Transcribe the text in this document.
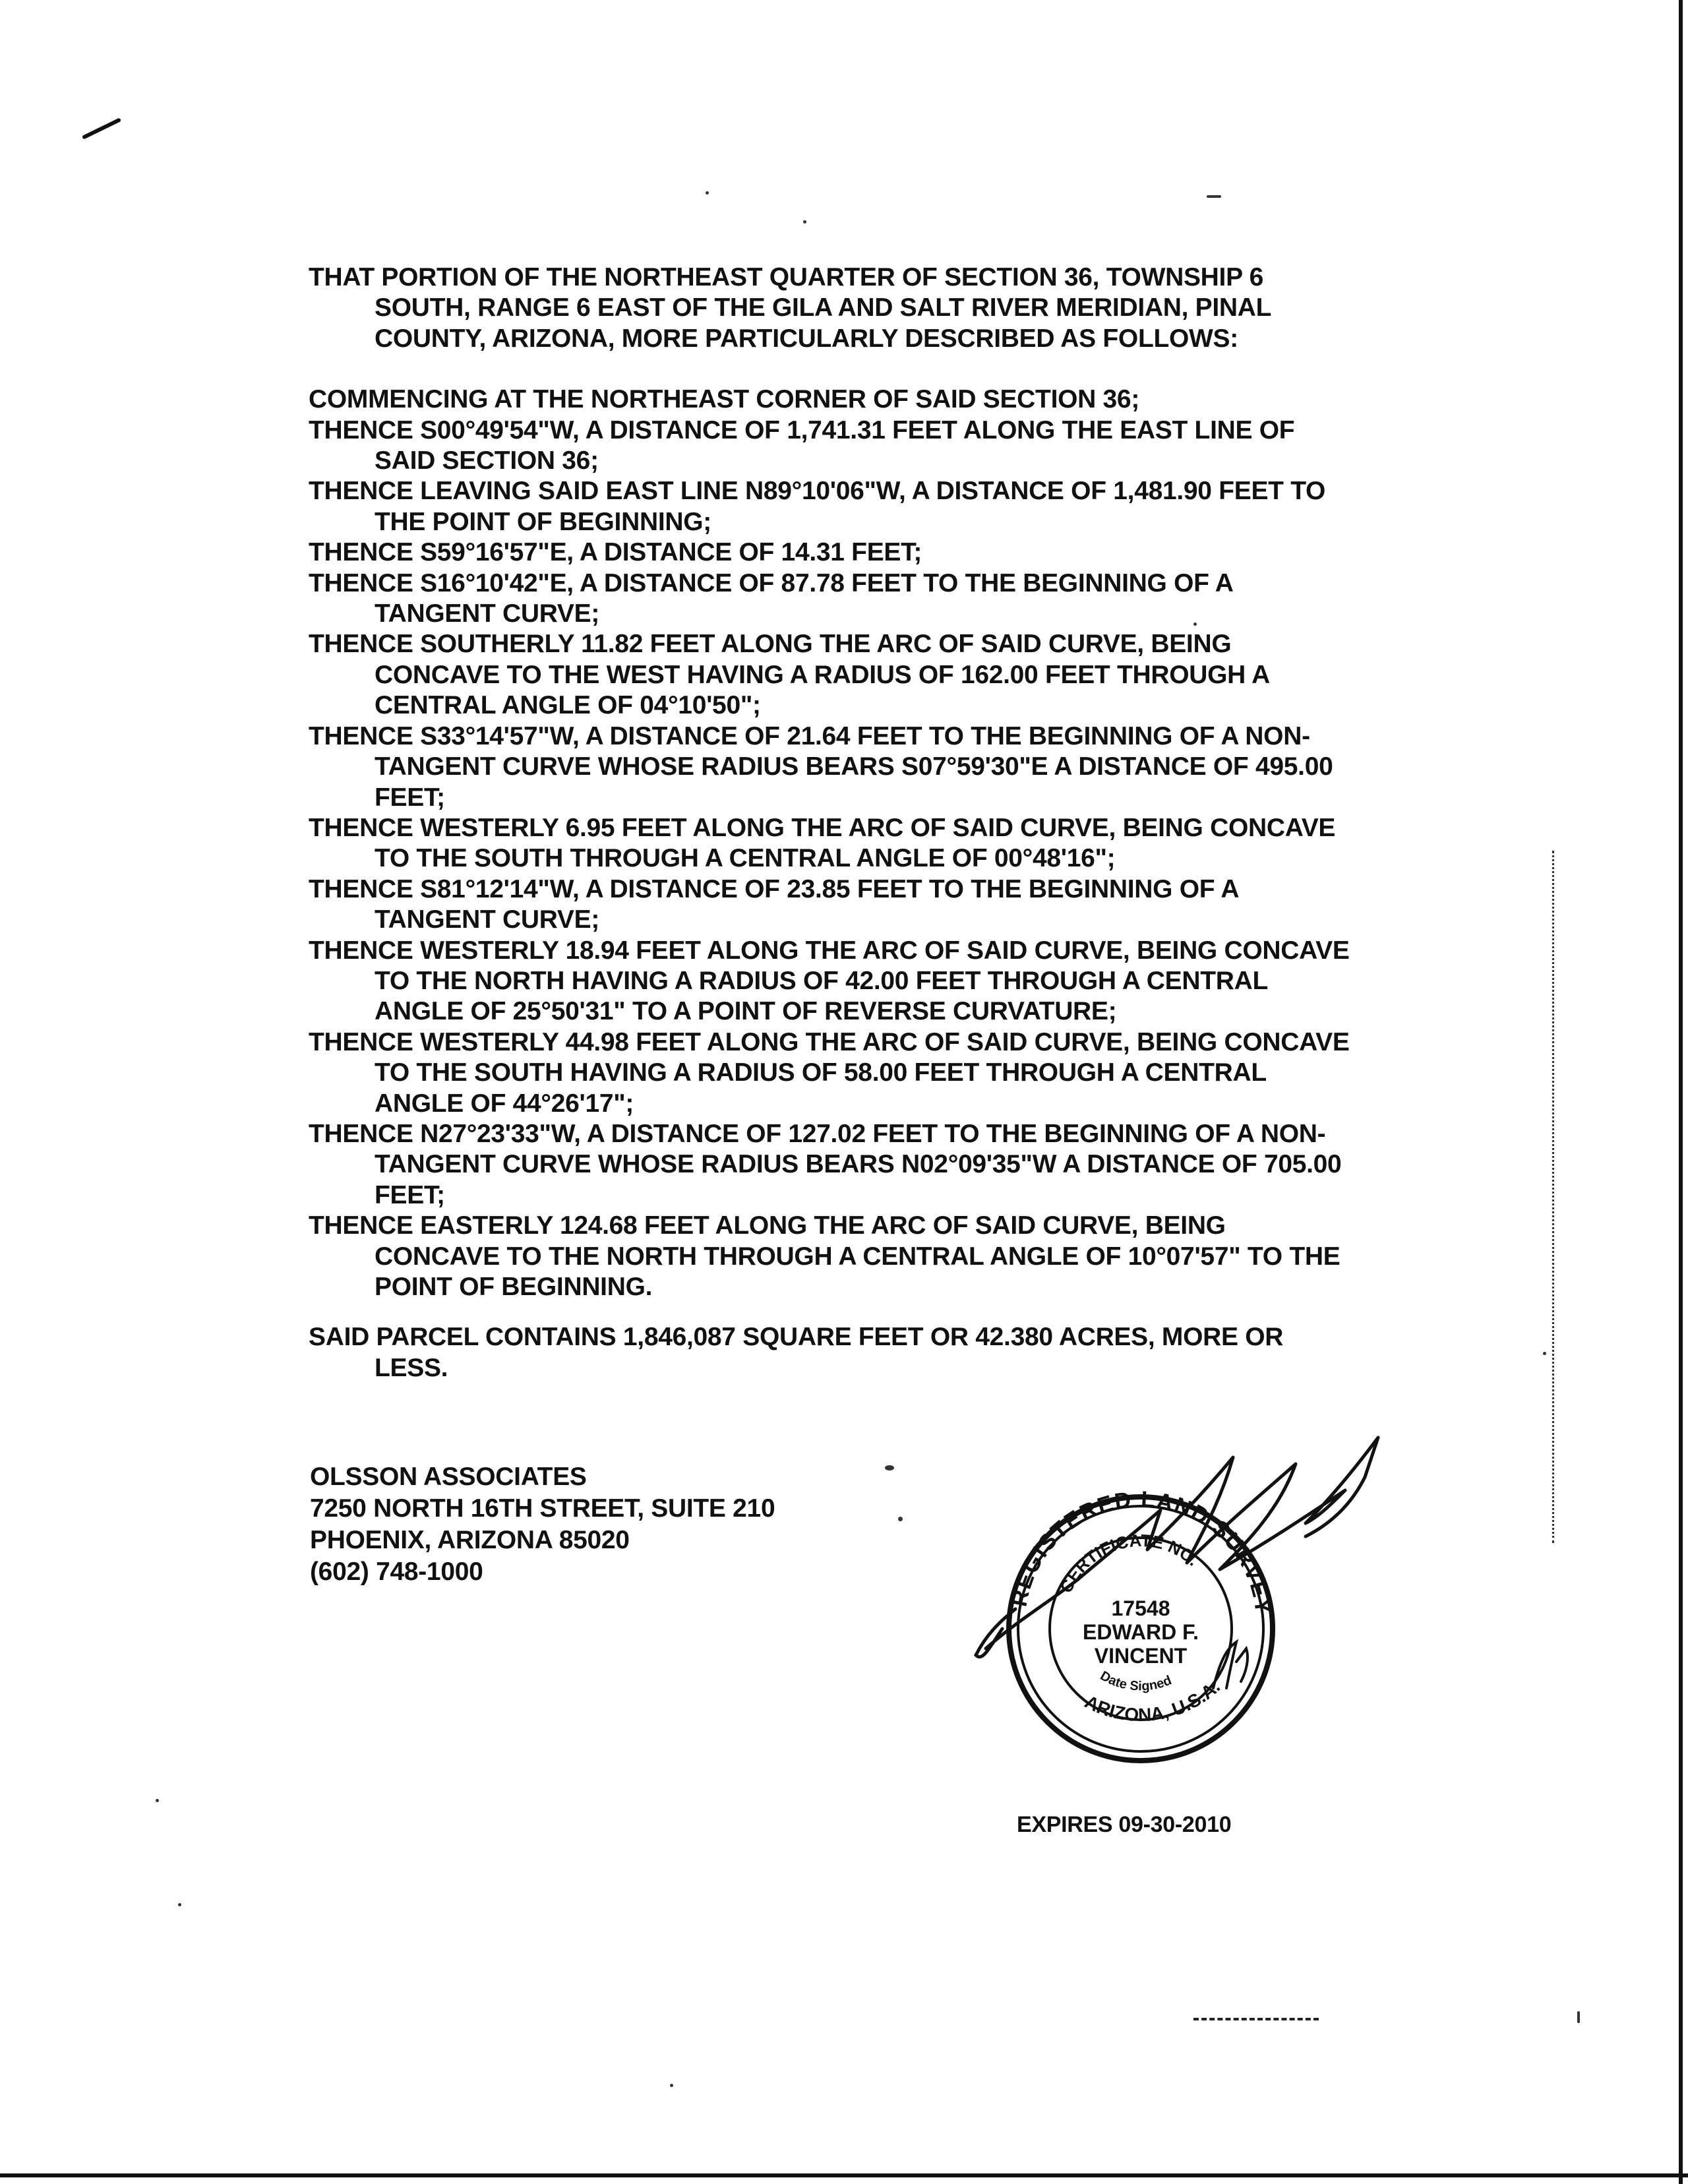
THAT PORTION OF THE NORTHEAST QUARTER OF SECTION 36, TOWNSHIP 6 SOUTH, RANGE 6 EAST OF THE GILA AND SALT RIVER MERIDIAN, PINAL COUNTY, ARIZONA, MORE PARTICULARLY DESCRIBED AS FOLLOWS:

COMMENCING AT THE NORTHEAST CORNER OF SAID SECTION 36;

THENCE S00°49'54"W, A DISTANCE OF 1,741.31 FEET ALONG THE EAST LINE OF SAID SECTION 36;

THENCE LEAVING SAID EAST LINE N89°10'06"W, A DISTANCE OF 1,481.90 FEET TO THE POINT OF BEGINNING;

THENCE S59°16'57"E, A DISTANCE OF 14.31 FEET;

THENCE S16°10'42"E, A DISTANCE OF 87.78 FEET TO THE BEGINNING OF A TANGENT CURVE;

THENCE SOUTHERLY 11.82 FEET ALONG THE ARC OF SAID CURVE, BEING CONCAVE TO THE WEST HAVING A RADIUS OF 162.00 FEET THROUGH A CENTRAL ANGLE OF 04°10'50";

THENCE S33°14'57"W, A DISTANCE OF 21.64 FEET TO THE BEGINNING OF A NON-TANGENT CURVE WHOSE RADIUS BEARS S07°59'30"E A DISTANCE OF 495.00 FEET;

THENCE WESTERLY 6.95 FEET ALONG THE ARC OF SAID CURVE, BEING CONCAVE TO THE SOUTH THROUGH A CENTRAL ANGLE OF 00°48'16";

THENCE S81°12'14"W, A DISTANCE OF 23.85 FEET TO THE BEGINNING OF A TANGENT CURVE;

THENCE WESTERLY 18.94 FEET ALONG THE ARC OF SAID CURVE, BEING CONCAVE TO THE NORTH HAVING A RADIUS OF 42.00 FEET THROUGH A CENTRAL ANGLE OF 25°50'31" TO A POINT OF REVERSE CURVATURE;

THENCE WESTERLY 44.98 FEET ALONG THE ARC OF SAID CURVE, BEING CONCAVE TO THE SOUTH HAVING A RADIUS OF 58.00 FEET THROUGH A CENTRAL ANGLE OF 44°26'17";

THENCE N27°23'33"W, A DISTANCE OF 127.02 FEET TO THE BEGINNING OF A NON-TANGENT CURVE WHOSE RADIUS BEARS N02°09'35"W A DISTANCE OF 705.00 FEET;

THENCE EASTERLY 124.68 FEET ALONG THE ARC OF SAID CURVE, BEING CONCAVE TO THE NORTH THROUGH A CENTRAL ANGLE OF 10°07'57" TO THE POINT OF BEGINNING.

SAID PARCEL CONTAINS 1,846,087 SQUARE FEET OR 42.380 ACRES, MORE OR LESS.

OLSSON ASSOCIATES
7250 NORTH 16TH STREET, SUITE 210
PHOENIX, ARIZONA 85020
(602) 748-1000
REGISTERED LAND SURVEY
ARIZONA, U.S.A.
CERTIFICATE NO.
Date Signed
17548
EDWARD F.
VINCENT
EXPIRES 09-30-2010
